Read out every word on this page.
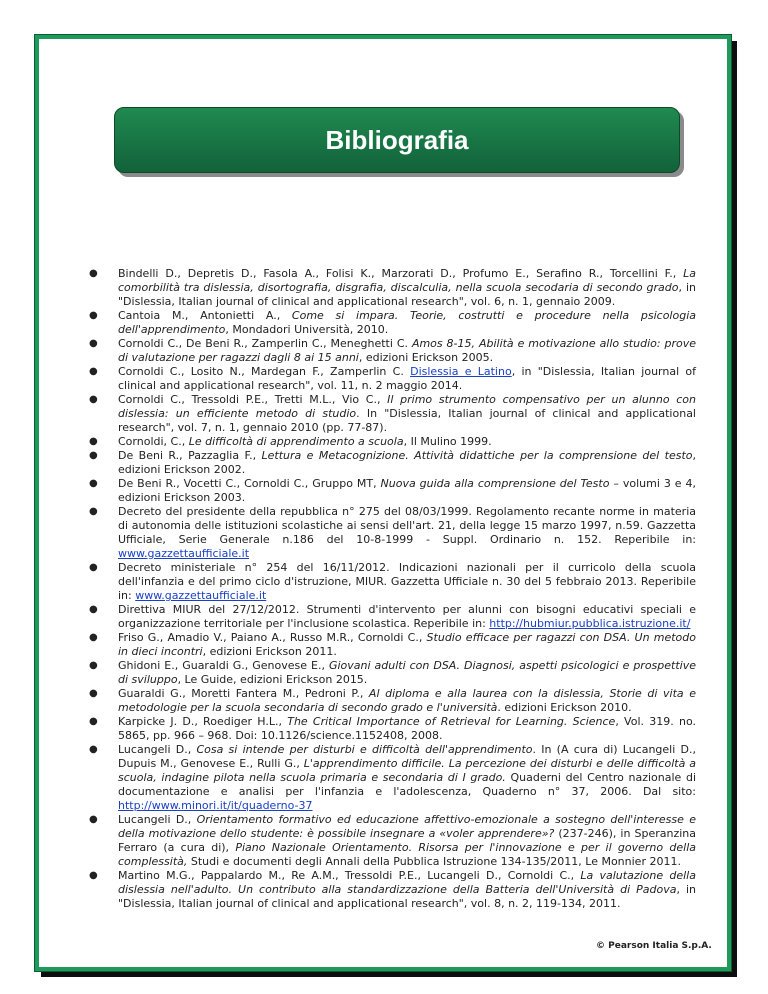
Bibliografia
● Bindelli D., Depretis D., Fasola A., Folisi K., Marzorati D., Profumo E., Serafino R., Torcellini F., La comorbilità tra dislessia, disortografia, disgrafia, discalculia, nella scuola secodaria di secondo grado, in "Dislessia, Italian journal of clinical and applicational research", vol. 6, n. 1, gennaio 2009.
● Cantoia M., Antonietti A., Come si impara. Teorie, costrutti e procedure nella psicologia dell'apprendimento, Mondadori Università, 2010.
● Cornoldi C., De Beni R., Zamperlin C., Meneghetti C. Amos 8-15, Abilità e motivazione allo studio: prove di valutazione per ragazzi dagli 8 ai 15 anni, edizioni Erickson 2005.
● Cornoldi C., Losito N., Mardegan F., Zamperlin C. Dislessia e Latino, in "Dislessia, Italian journal of clinical and applicational research", vol. 11, n. 2 maggio 2014.
● Cornoldi C., Tressoldi P.E., Tretti M.L., Vio C., Il primo strumento compensativo per un alunno con dislessia: un efficiente metodo di studio. In "Dislessia, Italian journal of clinical and applicational research", vol. 7, n. 1, gennaio 2010 (pp. 77-87).
● Cornoldi, C., Le difficoltà di apprendimento a scuola, Il Mulino 1999.
● De Beni R., Pazzaglia F., Lettura e Metacognizione. Attività didattiche per la comprensione del testo, edizioni Erickson 2002.
● De Beni R., Vocetti C., Cornoldi C., Gruppo MT, Nuova guida alla comprensione del Testo – volumi 3 e 4, edizioni Erickson 2003.
● Decreto del presidente della repubblica n° 275 del 08/03/1999. Regolamento recante norme in materia di autonomia delle istituzioni scolastiche ai sensi dell'art. 21, della legge 15 marzo 1997, n.59. Gazzetta Ufficiale, Serie Generale n.186 del 10-8-1999 - Suppl. Ordinario n. 152. Reperibile in: www.gazzettaufficiale.it
● Decreto ministeriale n° 254 del 16/11/2012. Indicazioni nazionali per il curricolo della scuola dell'infanzia e del primo ciclo d'istruzione, MIUR. Gazzetta Ufficiale n. 30 del 5 febbraio 2013. Reperibile in: www.gazzettaufficiale.it
● Direttiva MIUR del 27/12/2012. Strumenti d'intervento per alunni con bisogni educativi speciali e organizzazione territoriale per l'inclusione scolastica. Reperibile in: http://hubmiur.pubblica.istruzione.it/
● Friso G., Amadio V., Paiano A., Russo M.R., Cornoldi C., Studio efficace per ragazzi con DSA. Un metodo in dieci incontri, edizioni Erickson 2011.
● Ghidoni E., Guaraldi G., Genovese E., Giovani adulti con DSA. Diagnosi, aspetti psicologici e prospettive di sviluppo, Le Guide, edizioni Erickson 2015.
● Guaraldi G., Moretti Fantera M., Pedroni P., Al diploma e alla laurea con la dislessia, Storie di vita e metodologie per la scuola secondaria di secondo grado e l'università. edizioni Erickson 2010.
● Karpicke J. D., Roediger H.L., The Critical Importance of Retrieval for Learning. Science, Vol. 319. no. 5865, pp. 966 – 968. Doi: 10.1126/science.1152408, 2008.
● Lucangeli D., Cosa si intende per disturbi e difficoltà dell'apprendimento. In (A cura di) Lucangeli D., Dupuis M., Genovese E., Rulli G., L'apprendimento difficile. La percezione dei disturbi e delle difficoltà a scuola, indagine pilota nella scuola primaria e secondaria di I grado. Quaderni del Centro nazionale di documentazione e analisi per l'infanzia e l'adolescenza, Quaderno n° 37, 2006. Dal sito: http://www.minori.it/it/quaderno-37
● Lucangeli D., Orientamento formativo ed educazione affettivo-emozionale a sostegno dell'interesse e della motivazione dello studente: è possibile insegnare a «voler apprendere»? (237-246), in Speranzina Ferraro (a cura di), Piano Nazionale Orientamento. Risorsa per l'innovazione e per il governo della complessità, Studi e documenti degli Annali della Pubblica Istruzione 134-135/2011, Le Monnier 2011.
● Martino M.G., Pappalardo M., Re A.M., Tressoldi P.E., Lucangeli D., Cornoldi C., La valutazione della dislessia nell'adulto. Un contributo alla standardizzazione della Batteria dell'Università di Padova, in "Dislessia, Italian journal of clinical and applicational research", vol. 8, n. 2, 119-134, 2011.
© Pearson Italia S.p.A.
